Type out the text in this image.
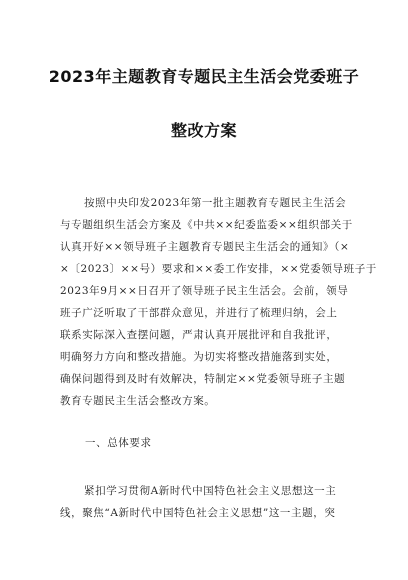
2023年主题教育专题民主生活会党委班子
整改方案
按照中央印发2023年第一批主题教育专题民主生活会
与专题组织生活会方案及《中共××纪委监委××组织部关于
认真开好××领导班子主题教育专题民主生活会的通知》（×
×〔2023〕××号）要求和××委工作安排，××党委领导班子于
2023年9月××日召开了领导班子民主生活会。会前，领导
班子广泛听取了干部群众意见，并进行了梳理归纳，会上
联系实际深入查摆问题，严肃认真开展批评和自我批评，
明确努力方向和整改措施。为切实将整改措施落到实处，
确保问题得到及时有效解决，特制定××党委领导班子主题
教育专题民主生活会整改方案。
一、总体要求
紧扣学习贯彻A新时代中国特色社会主义思想这一主
线，聚焦“A新时代中国特色社会主义思想”这一主题，突
